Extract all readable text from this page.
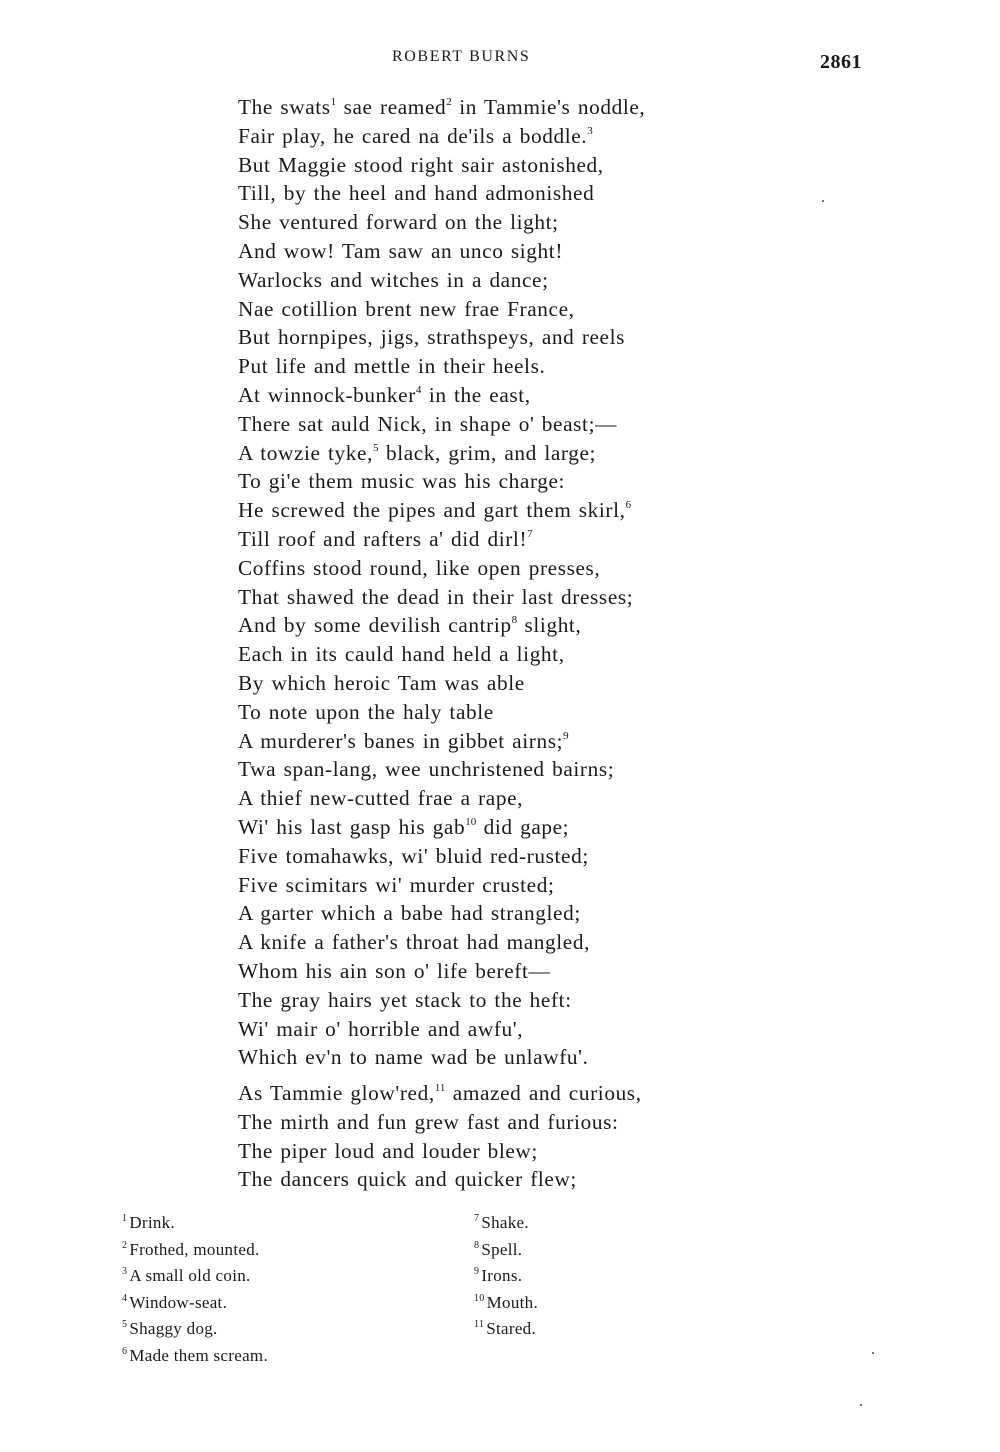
ROBERT BURNS	2861
The swats$^1$ sae reamed$^2$ in Tammie's noddle,
Fair play, he cared na de'ils a boddle.$^3$
But Maggie stood right sair astonished,
Till, by the heel and hand admonished
She ventured forward on the light;
And wow! Tam saw an unco sight!
Warlocks and witches in a dance;
Nae cotillion brent new frae France,
But hornpipes, jigs, strathspeys, and reels
Put life and mettle in their heels.
At winnock-bunker$^4$ in the east,
There sat auld Nick, in shape o' beast;—
A towzie tyke,$^5$ black, grim, and large;
To gi'e them music was his charge:
He screwed the pipes and gart them skirl,$^6$
Till roof and rafters a' did dirl!$^7$
Coffins stood round, like open presses,
That shawed the dead in their last dresses;
And by some devilish cantrip$^8$ slight,
Each in its cauld hand held a light,
By which heroic Tam was able
To note upon the haly table
A murderer's banes in gibbet airns;$^9$
Twa span-lang, wee unchristened bairns;
A thief new-cutted frae a rape,
Wi' his last gasp his gab$^{10}$ did gape;
Five tomahawks, wi' bluid red-rusted;
Five scimitars wi' murder crusted;
A garter which a babe had strangled;
A knife a father's throat had mangled,
Whom his ain son o' life bereft—
The gray hairs yet stack to the heft:
Wi' mair o' horrible and awfu',
Which ev'n to name wad be unlawfu'.
As Tammie glow'red,$^{11}$ amazed and curious,
The mirth and fun grew fast and furious:
The piper loud and louder blew;
The dancers quick and quicker flew;
$^1$ Drink.
$^2$ Frothed, mounted.
$^3$ A small old coin.
$^4$ Window-seat.
$^5$ Shaggy dog.
$^6$ Made them scream.
$^7$ Shake.
$^8$ Spell.
$^9$ Irons.
$^{10}$ Mouth.
$^{11}$ Stared.
